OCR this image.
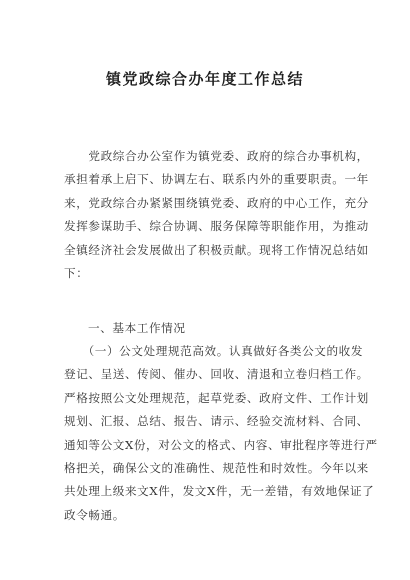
镇党政综合办年度工作总结
　　党政综合办公室作为镇党委、政府的综合办事机构，
承担着承上启下、协调左右、联系内外的重要职责。一年
来，党政综合办紧紧围绕镇党委、政府的中心工作，充分
发挥参谋助手、综合协调、服务保障等职能作用，为推动
全镇经济社会发展做出了积极贡献。现将工作情况总结如
下：
一、基本工作情况
　　（一）公文处理规范高效。认真做好各类公文的收发
登记、呈送、传阅、催办、回收、清退和立卷归档工作。
严格按照公文处理规范，起草党委、政府文件、工作计划
规划、汇报、总结、报告、请示、经验交流材料、合同、
通知等公文X份，对公文的格式、内容、审批程序等进行严
格把关，确保公文的准确性、规范性和时效性。今年以来
共处理上级来文X件，发文X件，无一差错，有效地保证了
政令畅通。
